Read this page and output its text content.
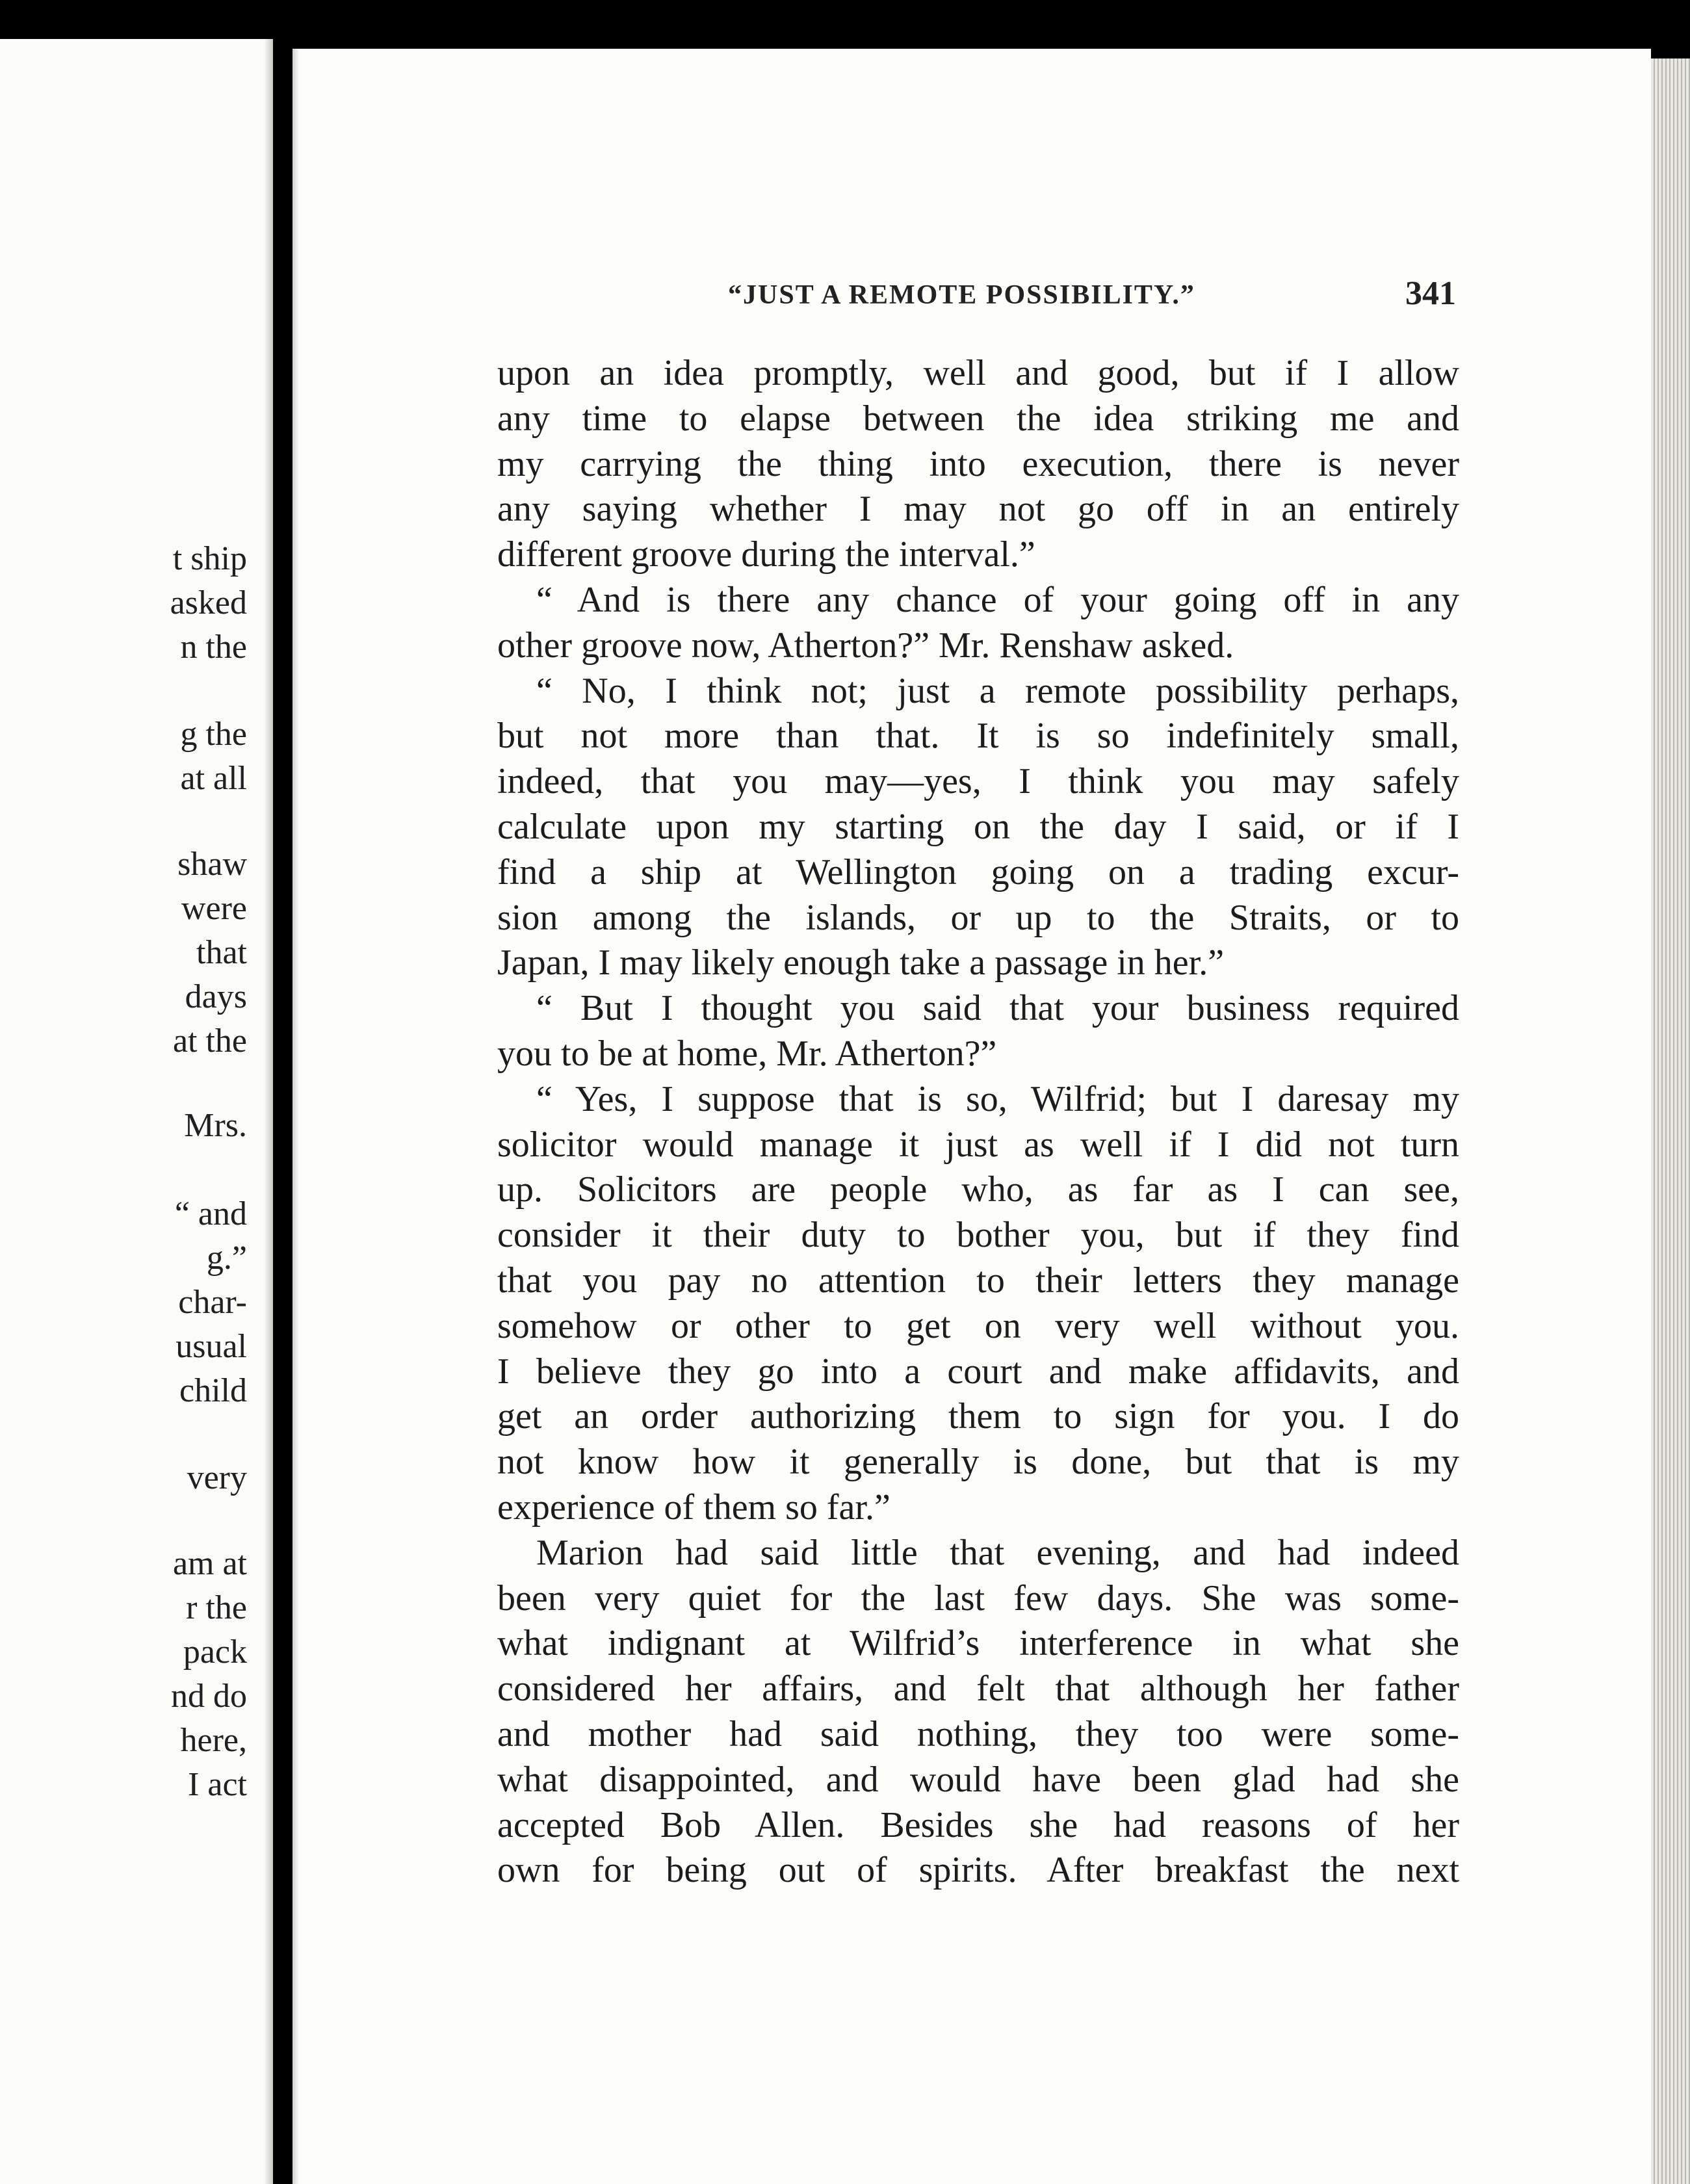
t ship
asked
n the
g the
at all
shaw
were
that
days
at the
Mrs.
“ and
g.”
char-
usual
child
very
am at
r the
pack
nd do
here,
I act
“JUST A REMOTE POSSIBILITY.”	341
upon an idea promptly, well and good, but if I allow
any time to elapse between the idea striking me and
my carrying the thing into execution, there is never
any saying whether I may not go off in an entirely
different groove during the interval.”
“ And is there any chance of your going off in any
other groove now, Atherton?” Mr. Renshaw asked.
“ No, I think not; just a remote possibility perhaps,
but not more than that. It is so indefinitely small,
indeed, that you may—yes, I think you may safely
calculate upon my starting on the day I said, or if I
find a ship at Wellington going on a trading excur-
sion among the islands, or up to the Straits, or to
Japan, I may likely enough take a passage in her.”
“ But I thought you said that your business required
you to be at home, Mr. Atherton?”
“ Yes, I suppose that is so, Wilfrid; but I daresay my
solicitor would manage it just as well if I did not turn
up. Solicitors are people who, as far as I can see,
consider it their duty to bother you, but if they find
that you pay no attention to their letters they manage
somehow or other to get on very well without you.
I believe they go into a court and make affidavits, and
get an order authorizing them to sign for you. I do
not know how it generally is done, but that is my
experience of them so far.”
Marion had said little that evening, and had indeed
been very quiet for the last few days. She was some-
what indignant at Wilfrid’s interference in what she
considered her affairs, and felt that although her father
and mother had said nothing, they too were some-
what disappointed, and would have been glad had she
accepted Bob Allen. Besides she had reasons of her
own for being out of spirits. After breakfast the next
